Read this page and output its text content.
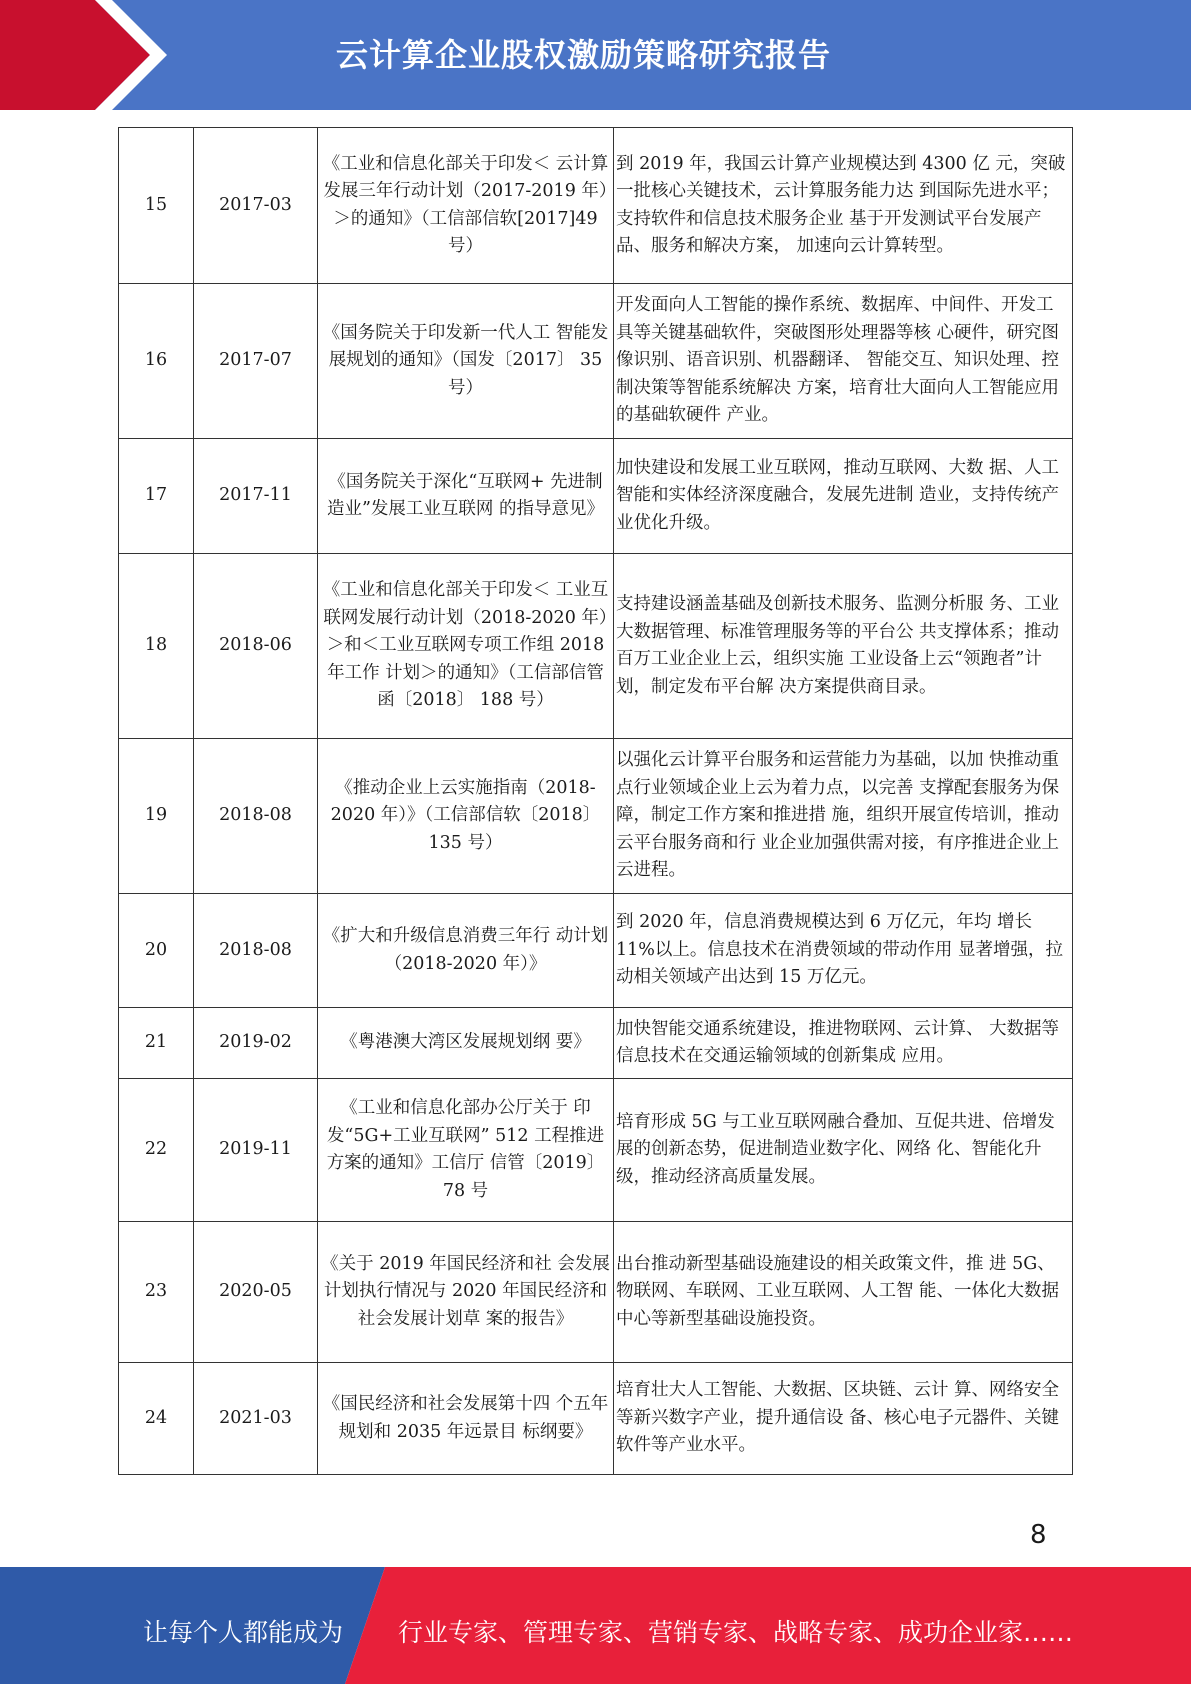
云计算企业股权激励策略研究报告
15	2017-03	《工业和信息化部关于印发＜ 云计算发展三年行动计划（2017-2019 年）＞的通知》（工信部信软[2017]49 号）	到 2019 年，我国云计算产业规模达到 4300 亿 元，突破一批核心关键技术，云计算服务能力达 到国际先进水平；支持软件和信息技术服务企业 基于开发测试平台发展产品、服务和解决方案， 加速向云计算转型。
16	2017-07	《国务院关于印发新一代人工 智能发展规划的通知》（国发〔2017〕 35 号）	开发面向人工智能的操作系统、数据库、中间件、开发工具等关键基础软件，突破图形处理器等核 心硬件，研究图像识别、语音识别、机器翻译、 智能交互、知识处理、控制决策等智能系统解决 方案，培育壮大面向人工智能应用的基础软硬件 产业。
17	2017-11	《国务院关于深化“互联网+ 先进制造业”发展工业互联网 的指导意见》	加快建设和发展工业互联网，推动互联网、大数 据、人工智能和实体经济深度融合，发展先进制 造业，支持传统产业优化升级。
18	2018-06	《工业和信息化部关于印发＜ 工业互联网发展行动计划（2018-2020 年）＞和＜工业互联网专项工作组 2018 年工作 计划＞的通知》（工信部信管函〔2018〕 188 号）	支持建设涵盖基础及创新技术服务、监测分析服 务、工业大数据管理、标准管理服务等的平台公 共支撑体系；推动百万工业企业上云，组织实施 工业设备上云“领跑者”计划，制定发布平台解 决方案提供商目录。
19	2018-08	《推动企业上云实施指南（2018-2020 年）》（工信部信软〔2018〕 135 号）	以强化云计算平台服务和运营能力为基础，以加 快推动重点行业领域企业上云为着力点，以完善 支撑配套服务为保障，制定工作方案和推进措 施，组织开展宣传培训，推动云平台服务商和行 业企业加强供需对接，有序推进企业上云进程。
20	2018-08	《扩大和升级信息消费三年行 动计划（2018-2020 年）》	到 2020 年，信息消费规模达到 6 万亿元，年均 增长 11%以上。信息技术在消费领域的带动作用 显著增强，拉动相关领域产出达到 15 万亿元。
21	2019-02	《粤港澳大湾区发展规划纲 要》	加快智能交通系统建设，推进物联网、云计算、 大数据等信息技术在交通运输领域的创新集成 应用。
22	2019-11	《工业和信息化部办公厅关于 印发“5G+工业互联网” 512 工程推进方案的通知》工信厅 信管〔2019〕 78 号	培育形成 5G 与工业互联网融合叠加、互促共进、倍增发展的创新态势，促进制造业数字化、网络 化、智能化升级，推动经济高质量发展。
23	2020-05	《关于 2019 年国民经济和社 会发展计划执行情况与 2020 年国民经济和社会发展计划草 案的报告》	出台推动新型基础设施建设的相关政策文件，推 进 5G、物联网、车联网、工业互联网、人工智 能、一体化大数据中心等新型基础设施投资。
24	2021-03	《国民经济和社会发展第十四 个五年规划和 2035 年远景目 标纲要》	培育壮大人工智能、大数据、区块链、云计 算、网络安全等新兴数字产业，提升通信设 备、核心电子元器件、关键软件等产业水平。
8
让每个人都能成为 行业专家、管理专家、营销专家、战略专家、成功企业家……
